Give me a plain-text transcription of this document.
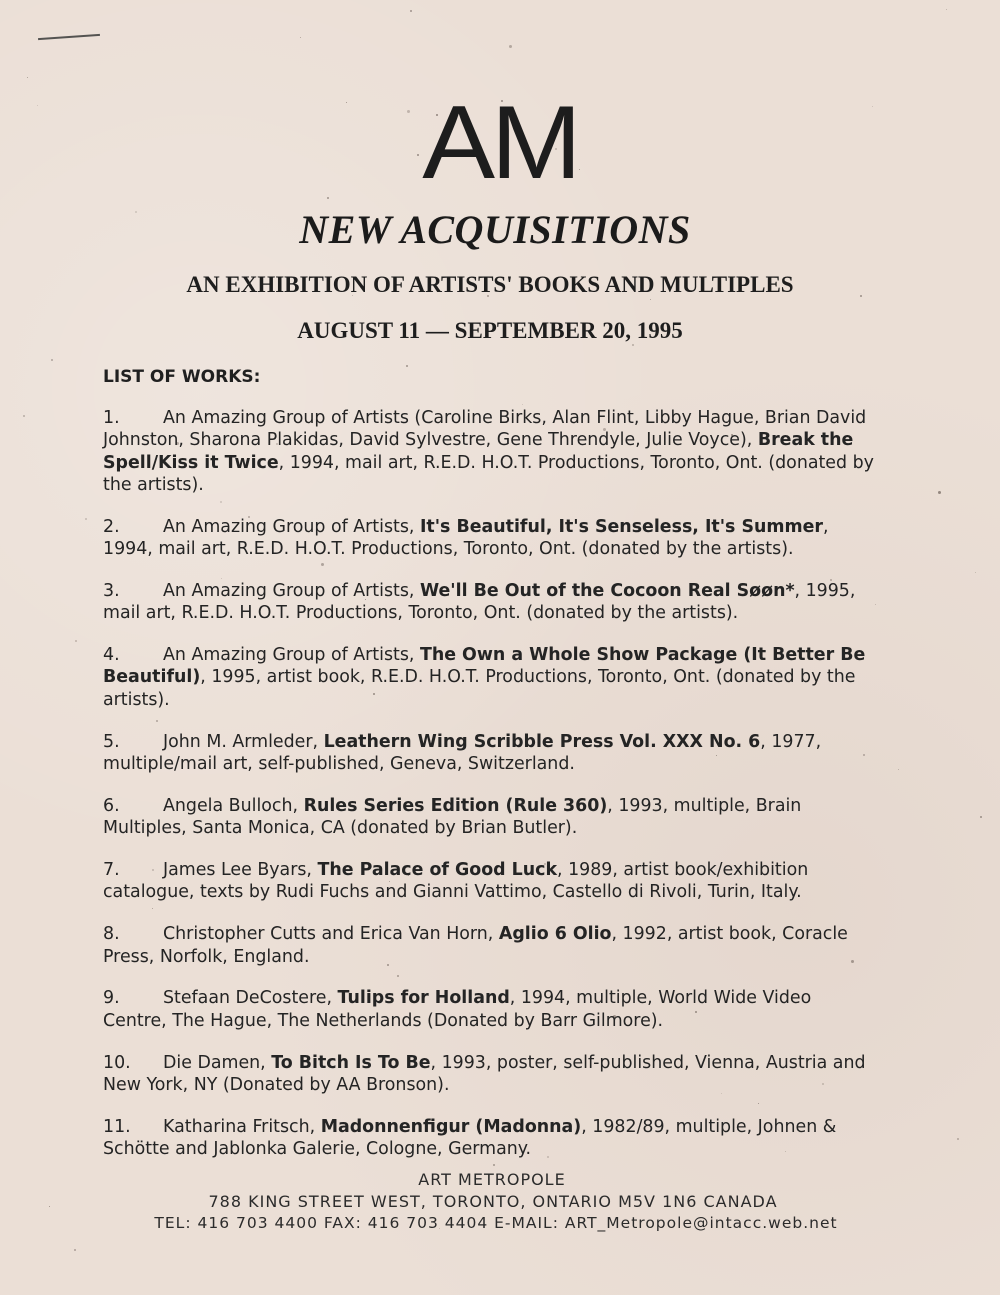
AM
NEW ACQUISITIONS
AN EXHIBITION OF ARTISTS' BOOKS AND MULTIPLES
AUGUST 11 — SEPTEMBER 20, 1995
LIST OF WORKS:
1. An Amazing Group of Artists (Caroline Birks, Alan Flint, Libby Hague, Brian David Johnston, Sharona Plakidas, David Sylvestre, Gene Threndyle, Julie Voyce), Break the Spell/Kiss it Twice, 1994, mail art, R.E.D. H.O.T. Productions, Toronto, Ont. (donated by the artists).
2. An Amazing Group of Artists, It's Beautiful, It's Senseless, It's Summer, 1994, mail art, R.E.D. H.O.T. Productions, Toronto, Ont. (donated by the artists).
3. An Amazing Group of Artists, We'll Be Out of the Cocoon Real Søøn*, 1995, mail art, R.E.D. H.O.T. Productions, Toronto, Ont. (donated by the artists).
4. An Amazing Group of Artists, The Own a Whole Show Package (It Better Be Beautiful), 1995, artist book, R.E.D. H.O.T. Productions, Toronto, Ont. (donated by the artists).
5. John M. Armleder, Leathern Wing Scribble Press Vol. XXX No. 6, 1977, multiple/mail art, self-published, Geneva, Switzerland.
6. Angela Bulloch, Rules Series Edition (Rule 360), 1993, multiple, Brain Multiples, Santa Monica, CA (donated by Brian Butler).
7. James Lee Byars, The Palace of Good Luck, 1989, artist book/exhibition catalogue, texts by Rudi Fuchs and Gianni Vattimo, Castello di Rivoli, Turin, Italy.
8. Christopher Cutts and Erica Van Horn, Aglio 6 Olio, 1992, artist book, Coracle Press, Norfolk, England.
9. Stefaan DeCostere, Tulips for Holland, 1994, multiple, World Wide Video Centre, The Hague, The Netherlands (Donated by Barr Gilmore).
10. Die Damen, To Bitch Is To Be, 1993, poster, self-published, Vienna, Austria and New York, NY (Donated by AA Bronson).
11. Katharina Fritsch, Madonnenfigur (Madonna), 1982/89, multiple, Johnen & Schötte and Jablonka Galerie, Cologne, Germany.
ART METROPOLE
788 KING STREET WEST, TORONTO, ONTARIO M5V 1N6 CANADA
TEL: 416 703 4400 FAX: 416 703 4404 E-MAIL: ART_Metropole@intacc.web.net
